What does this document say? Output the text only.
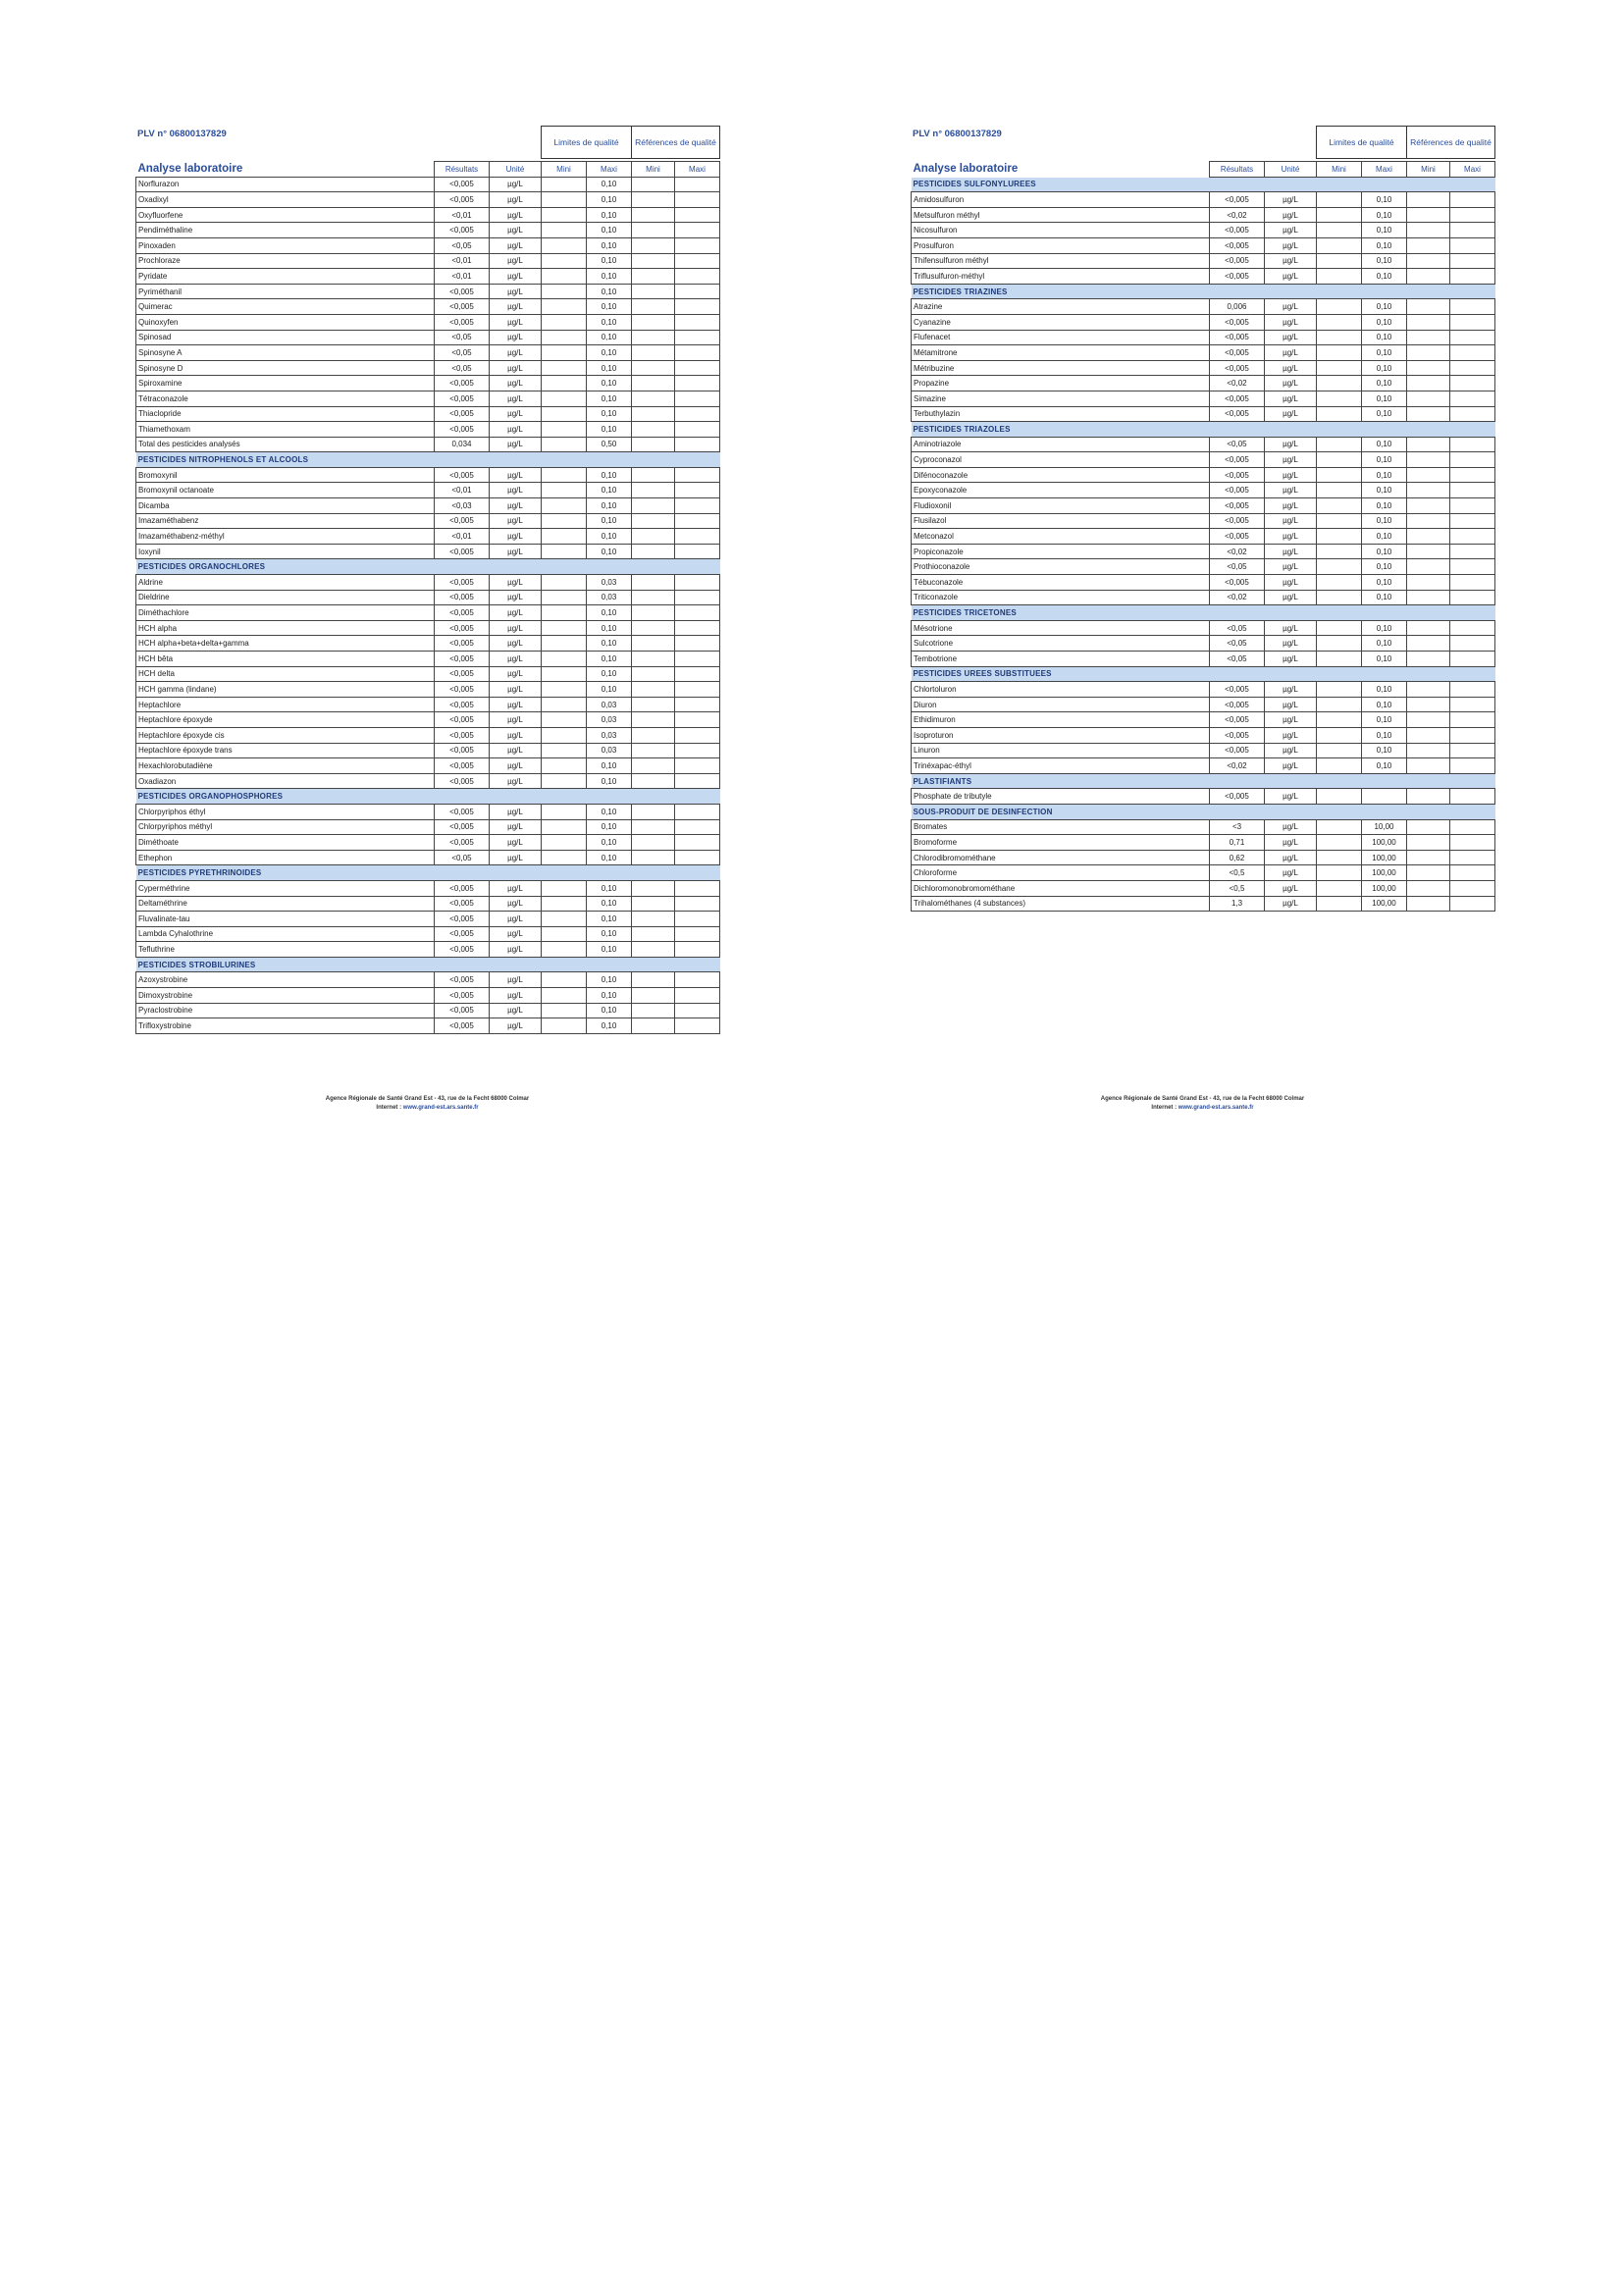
PLV n° 06800137829
Limites de qualité	Références de qualité
Analyse laboratoire	Résultats	Unité	Mini	Maxi	Mini	Maxi
Norflurazon	<0,005	µg/L		0,10		
Oxadixyl	<0,005	µg/L		0,10		
Oxyfluorfene	<0,01	µg/L		0,10		
Pendiméthaline	<0,005	µg/L		0,10		
Pinoxaden	<0,05	µg/L		0,10		
Prochloraze	<0,01	µg/L		0,10		
Pyridate	<0,01	µg/L		0,10		
Pyriméthanil	<0,005	µg/L		0,10		
Quimerac	<0,005	µg/L		0,10		
Quinoxyfen	<0,005	µg/L		0,10		
Spinosad	<0,05	µg/L		0,10		
Spinosyne A	<0,05	µg/L		0,10		
Spinosyne D	<0,05	µg/L		0,10		
Spiroxamine	<0,005	µg/L		0,10		
Tétraconazole	<0,005	µg/L		0,10		
Thiaclopride	<0,005	µg/L		0,10		
Thiamethoxam	<0,005	µg/L		0,10		
Total des pesticides analysés	0,034	µg/L		0,50		
PESTICIDES NITROPHENOLS ET ALCOOLS						
Bromoxynil	<0,005	µg/L		0,10		
Bromoxynil octanoate	<0,01	µg/L		0,10		
Dicamba	<0,03	µg/L		0,10		
Imazaméthabenz	<0,005	µg/L		0,10		
Imazaméthabenz-méthyl	<0,01	µg/L		0,10		
Ioxynil	<0,005	µg/L		0,10		
PESTICIDES ORGANOCHLORES						
Aldrine	<0,005	µg/L		0,03		
Dieldrine	<0,005	µg/L		0,03		
Diméthachlore	<0,005	µg/L		0,10		
HCH alpha	<0,005	µg/L		0,10		
HCH alpha+beta+delta+gamma	<0,005	µg/L		0,10		
HCH bêta	<0,005	µg/L		0,10		
HCH delta	<0,005	µg/L		0,10		
HCH gamma (lindane)	<0,005	µg/L		0,10		
Heptachlore	<0,005	µg/L		0,03		
Heptachlore époxyde	<0,005	µg/L		0,03		
Heptachlore époxyde cis	<0,005	µg/L		0,03		
Heptachlore époxyde trans	<0,005	µg/L		0,03		
Hexachlorobutadiène	<0,005	µg/L		0,10		
Oxadiazon	<0,005	µg/L		0,10		
PESTICIDES ORGANOPHOSPHORES						
Chlorpyriphos éthyl	<0,005	µg/L		0,10		
Chlorpyriphos méthyl	<0,005	µg/L		0,10		
Diméthoate	<0,005	µg/L		0,10		
Ethephon	<0,05	µg/L		0,10		
PESTICIDES PYRETHRINOIDES						
Cyperméthrine	<0,005	µg/L		0,10		
Deltaméthrine	<0,005	µg/L		0,10		
Fluvalinate-tau	<0,005	µg/L		0,10		
Lambda Cyhalothrine	<0,005	µg/L		0,10		
Tefluthrine	<0,005	µg/L		0,10		
PESTICIDES STROBILURINES						
Azoxystrobine	<0,005	µg/L		0,10		
Dimoxystrobine	<0,005	µg/L		0,10		
Pyraclostrobine	<0,005	µg/L		0,10		
Trifloxystrobine	<0,005	µg/L		0,10		
Agence Régionale de Santé Grand Est - 43, rue de la Fecht 68000 Colmar
Internet : www.grand-est.ars.sante.fr
PLV n° 06800137829
Limites de qualité	Références de qualité
Analyse laboratoire	Résultats	Unité	Mini	Maxi	Mini	Maxi
PESTICIDES SULFONYLUREES						
Amidosulfuron	<0,005	µg/L		0,10		
Metsulfuron méthyl	<0,02	µg/L		0,10		
Nicosulfuron	<0,005	µg/L		0,10		
Prosulfuron	<0,005	µg/L		0,10		
Thifensulfuron méthyl	<0,005	µg/L		0,10		
Triflusulfuron-méthyl	<0,005	µg/L		0,10		
PESTICIDES TRIAZINES						
Atrazine	0,006	µg/L		0,10		
Cyanazine	<0,005	µg/L		0,10		
Flufenacet	<0,005	µg/L		0,10		
Métamitrone	<0,005	µg/L		0,10		
Métribuzine	<0,005	µg/L		0,10		
Propazine	<0,02	µg/L		0,10		
Simazine	<0,005	µg/L		0,10		
Terbuthylazin	<0,005	µg/L		0,10		
PESTICIDES TRIAZOLES						
Aminotriazole	<0,05	µg/L		0,10		
Cyproconazol	<0,005	µg/L		0,10		
Difénoconazole	<0,005	µg/L		0,10		
Epoxyconazole	<0,005	µg/L		0,10		
Fludioxonil	<0,005	µg/L		0,10		
Flusilazol	<0,005	µg/L		0,10		
Metconazol	<0,005	µg/L		0,10		
Propiconazole	<0,02	µg/L		0,10		
Prothioconazole	<0,05	µg/L		0,10		
Tébuconazole	<0,005	µg/L		0,10		
Triticonazole	<0,02	µg/L		0,10		
PESTICIDES TRICETONES						
Mésotrione	<0,05	µg/L		0,10		
Sulcotrione	<0,05	µg/L		0,10		
Tembotrione	<0,05	µg/L		0,10		
PESTICIDES UREES SUBSTITUEES						
Chlortoluron	<0,005	µg/L		0,10		
Diuron	<0,005	µg/L		0,10		
Ethidimuron	<0,005	µg/L		0,10		
Isoproturon	<0,005	µg/L		0,10		
Linuron	<0,005	µg/L		0,10		
Trinéxapac-éthyl	<0,02	µg/L		0,10		
PLASTIFIANTS						
Phosphate de tributyle	<0,005	µg/L				
SOUS-PRODUIT DE DESINFECTION						
Bromates	<3	µg/L		10,00		
Bromoforme	0,71	µg/L		100,00		
Chlorodibromométhane	0,62	µg/L		100,00		
Chloroforme	<0,5	µg/L		100,00		
Dichloromonobromométhane	<0,5	µg/L		100,00		
Trihalométhanes (4 substances)	1,3	µg/L		100,00		
Agence Régionale de Santé Grand Est - 43, rue de la Fecht 68000 Colmar
Internet : www.grand-est.ars.sante.fr
